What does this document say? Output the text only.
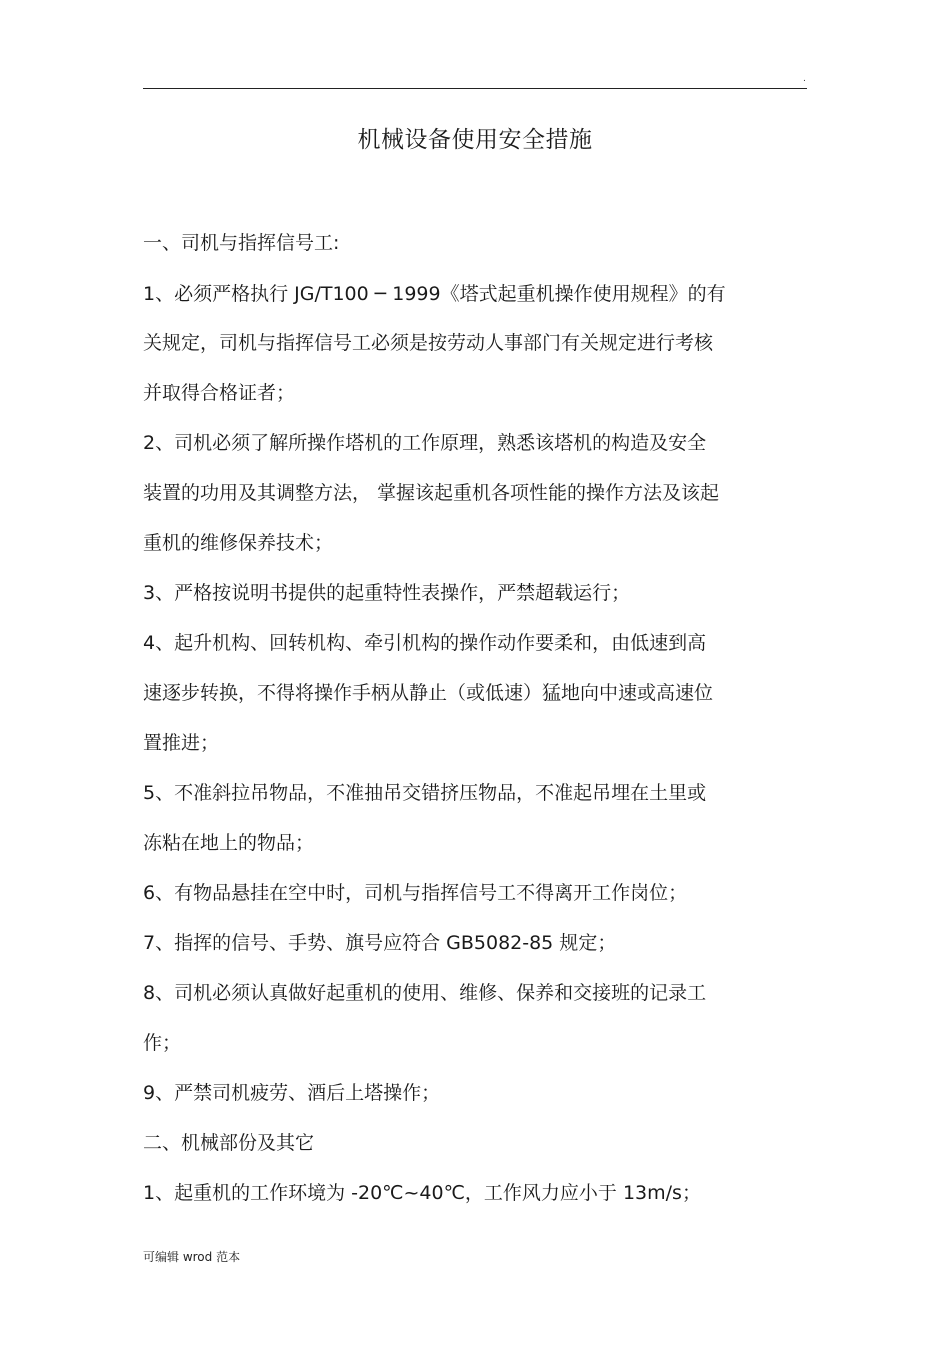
.
机械设备使用安全措施
一、司机与指挥信号工:
1、必须严格执行 JG/T100 ─ 1999《塔式起重机操作使用规程》的有
关规定，司机与指挥信号工必须是按劳动人事部门有关规定进行考核
并取得合格证者；
2、司机必须了解所操作塔机的工作原理，熟悉该塔机的构造及安全
装置的功用及其调整方法， 掌握该起重机各项性能的操作方法及该起
重机的维修保养技术；
3、严格按说明书提供的起重特性表操作，严禁超载运行；
4、起升机构、回转机构、牵引机构的操作动作要柔和，由低速到高
速逐步转换，不得将操作手柄从静止（或低速）猛地向中速或高速位
置推进；
5、不准斜拉吊物品，不准抽吊交错挤压物品，不准起吊埋在土里或
冻粘在地上的物品；
6、有物品悬挂在空中时，司机与指挥信号工不得离开工作岗位；
7、指挥的信号、手势、旗号应符合 GB5082-85 规定；
8、司机必须认真做好起重机的使用、维修、保养和交接班的记录工
作；
9、严禁司机疲劳、酒后上塔操作；
二、机械部份及其它
1、起重机的工作环境为 -20℃~40℃，工作风力应小于 13m/s；
可编辑 wrod 范本
